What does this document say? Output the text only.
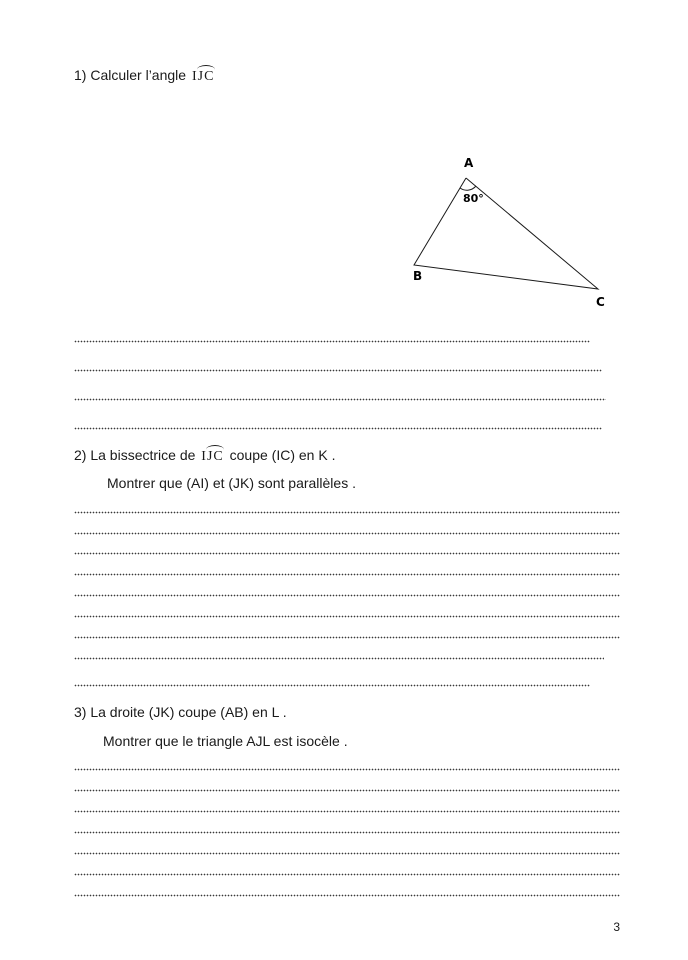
1) Calculer l’angle IJC
A
B
C
80°
2) La bissectrice de IJC coupe (IC) en K .
Montrer que (AI) et (JK) sont parallèles .
3) La droite (JK) coupe (AB) en L .
Montrer que le triangle AJL est isocèle .
3
